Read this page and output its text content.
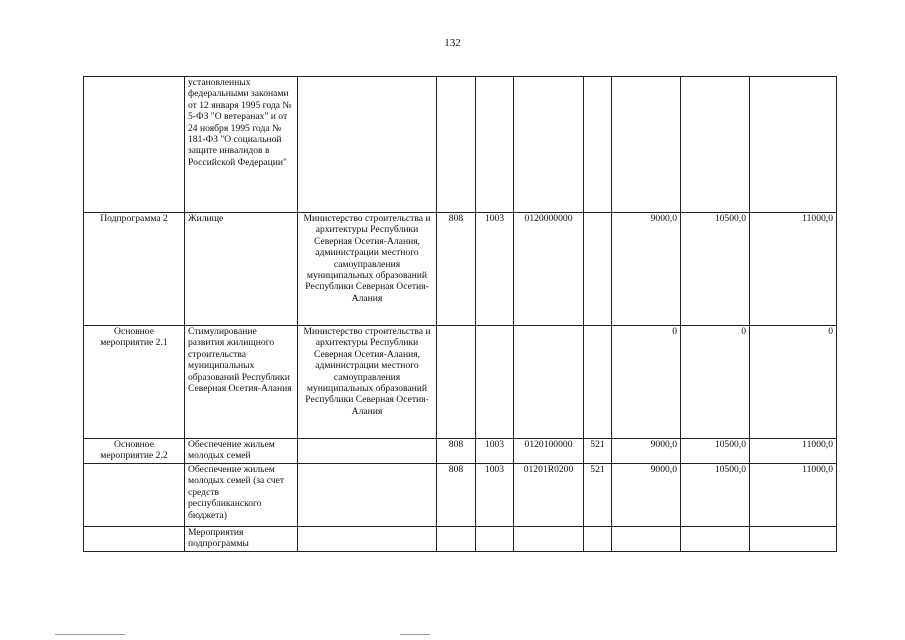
132
	установленных федеральными законами от 12 января 1995 года № 5-ФЗ "О ветеранах" и от 24 ноября 1995 года № 181-ФЗ "О социальной защите инвалидов в Российской Федерации"								
Подпрограмма 2	Жилище	Министерство строительства и архитектуры Республики Северная Осетия-Алания, администрации местного самоуправления муниципальных образований Республики Северная Осетия-Алания	808	1003	0120000000		9000,0	10500,0	11000,0
Основное мероприятие 2.1	Стимулирование развития жилищного строительства муниципальных образований Республики Северная Осетия-Алания	Министерство строительства и архитектуры Республики Северная Осетия-Алания, администрации местного самоуправления муниципальных образований Республики Северная Осетия-Алания					0	0	0
Основное мероприятие 2.2	Обеспечение жильем молодых семей		808	1003	0120100000	521	9000,0	10500,0	11000,0
	Обеспечение жильем молодых семей (за счет средств республиканского бюджета)		808	1003	01201R0200	521	9000,0	10500,0	11000,0
	Мероприятия подпрограммы								
